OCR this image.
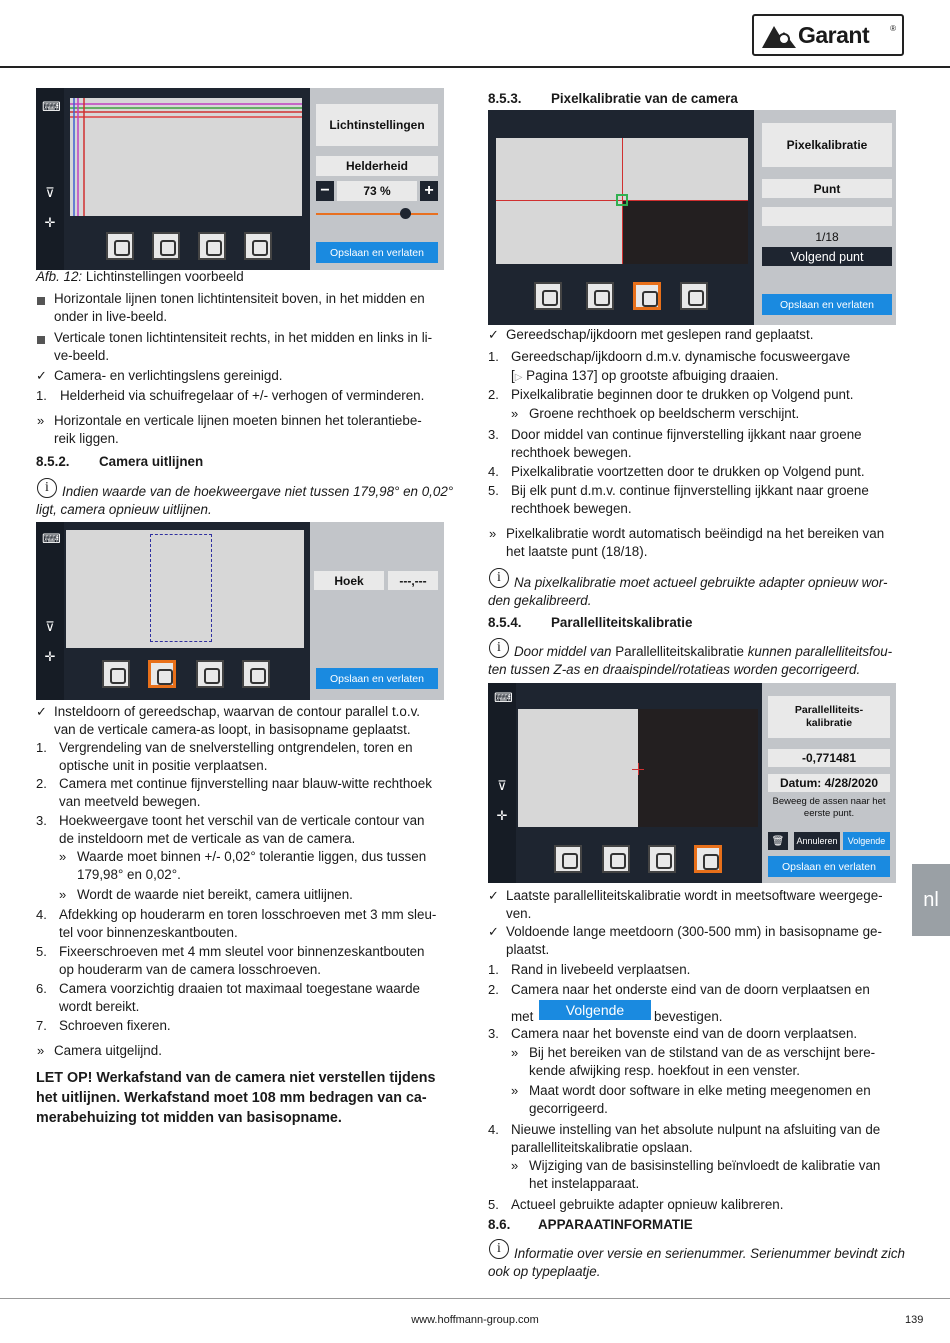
Garant	®
⌨
⊽
✛
Lichtinstellingen
Helderheid
−	73 %	+
Opslaan en verlaten
Afb. 12: Lichtinstellingen voorbeeld
Horizontale lijnen tonen lichtintensiteit boven, in het midden en
onder in live-beeld.
Verticale tonen lichtintensiteit rechts, in het midden en links in li-
ve-beeld.
✓ Camera- en verlichtingslens gereinigd.
1. Helderheid via schuifregelaar of +/- verhogen of verminderen.
» Horizontale en verticale lijnen moeten binnen het tolerantiebe-
reik liggen.
8.5.2. Camera uitlijnen
i Indien waarde van de hoekweergave niet tussen 179,98° en 0,02°
ligt, camera opnieuw uitlijnen.
⌨
⊽
✛
Hoek	---,---
Opslaan en verlaten
✓ Insteldoorn of gereedschap, waarvan de contour parallel t.o.v.
van de verticale camera-as loopt, in basisopname geplaatst.
1. Vergrendeling van de snelverstelling ontgrendelen, toren en
optische unit in positie verplaatsen.
2. Camera met continue fijnverstelling naar blauw-witte rechthoek
van meetveld bewegen.
3. Hoekweergave toont het verschil van de verticale contour van
de insteldoorn met de verticale as van de camera.
» Waarde moet binnen +/- 0,02° tolerantie liggen, dus tussen
179,98° en 0,02°.
» Wordt de waarde niet bereikt, camera uitlijnen.
4. Afdekking op houderarm en toren losschroeven met 3 mm sleu-
tel voor binnenzeskantbouten.
5. Fixeerschroeven met 4 mm sleutel voor binnenzeskantbouten
op houderarm van de camera losschroeven.
6. Camera voorzichtig draaien tot maximaal toegestane waarde
wordt bereikt.
7. Schroeven fixeren.
» Camera uitgelijnd.
LET OP! Werkafstand van de camera niet verstellen tijdens
het uitlijnen. Werkafstand moet 108 mm bedragen van ca-
merabehuizing tot midden van basisopname.
8.5.3. Pixelkalibratie van de camera
Pixelkalibratie
Punt
1/18
Volgend punt
Opslaan en verlaten
✓ Gereedschap/ijkdoorn met geslepen rand geplaatst.
1. Gereedschap/ijkdoorn d.m.v. dynamische focusweergave
[▷ Pagina 137] op grootste afbuiging draaien.
2. Pixelkalibratie beginnen door te drukken op Volgend punt.
» Groene rechthoek op beeldscherm verschijnt.
3. Door middel van continue fijnverstelling ijkkant naar groene
rechthoek bewegen.
4. Pixelkalibratie voortzetten door te drukken op Volgend punt.
5. Bij elk punt d.m.v. continue fijnverstelling ijkkant naar groene
rechthoek bewegen.
» Pixelkalibratie wordt automatisch beëindigd na het bereiken van
het laatste punt (18/18).
i Na pixelkalibratie moet actueel gebruikte adapter opnieuw wor-
den gekalibreerd.
8.5.4. Parallelliteitskalibratie
i Door middel van Parallelliteitskalibratie kunnen parallelliteitsfou-
ten tussen Z-as en draaispindel/rotatieas worden gecorrigeerd.
⌨
⊽
✛
Parallelliteits-
kalibratie
-0,771481
Datum: 4/28/2020
Beweeg de assen naar het
eerste punt.
🗑	Annuleren	Volgende
Opslaan en verlaten
✓ Laatste parallelliteitskalibratie wordt in meetsoftware weergege-
ven.
✓ Voldoende lange meetdoorn (300-500 mm) in basisopname ge-
plaatst.
1. Rand in livebeeld verplaatsen.
2. Camera naar het onderste eind van de doorn verplaatsen en
met	Volgende	bevestigen.
3. Camera naar het bovenste eind van de doorn verplaatsen.
» Bij het bereiken van de stilstand van de as verschijnt bere-
kende afwijking resp. hoekfout in een venster.
» Maat wordt door software in elke meting meegenomen en
gecorrigeerd.
4. Nieuwe instelling van het absolute nulpunt na afsluiting van de
parallelliteitskalibratie opslaan.
» Wijziging van de basisinstelling beïnvloedt de kalibratie van
het instelapparaat.
5. Actueel gebruikte adapter opnieuw kalibreren.
8.6. APPARAATINFORMATIE
i Informatie over versie en serienummer. Serienummer bevindt zich
ook op typeplaatje.
nl
www.hoffmann-group.com	139
